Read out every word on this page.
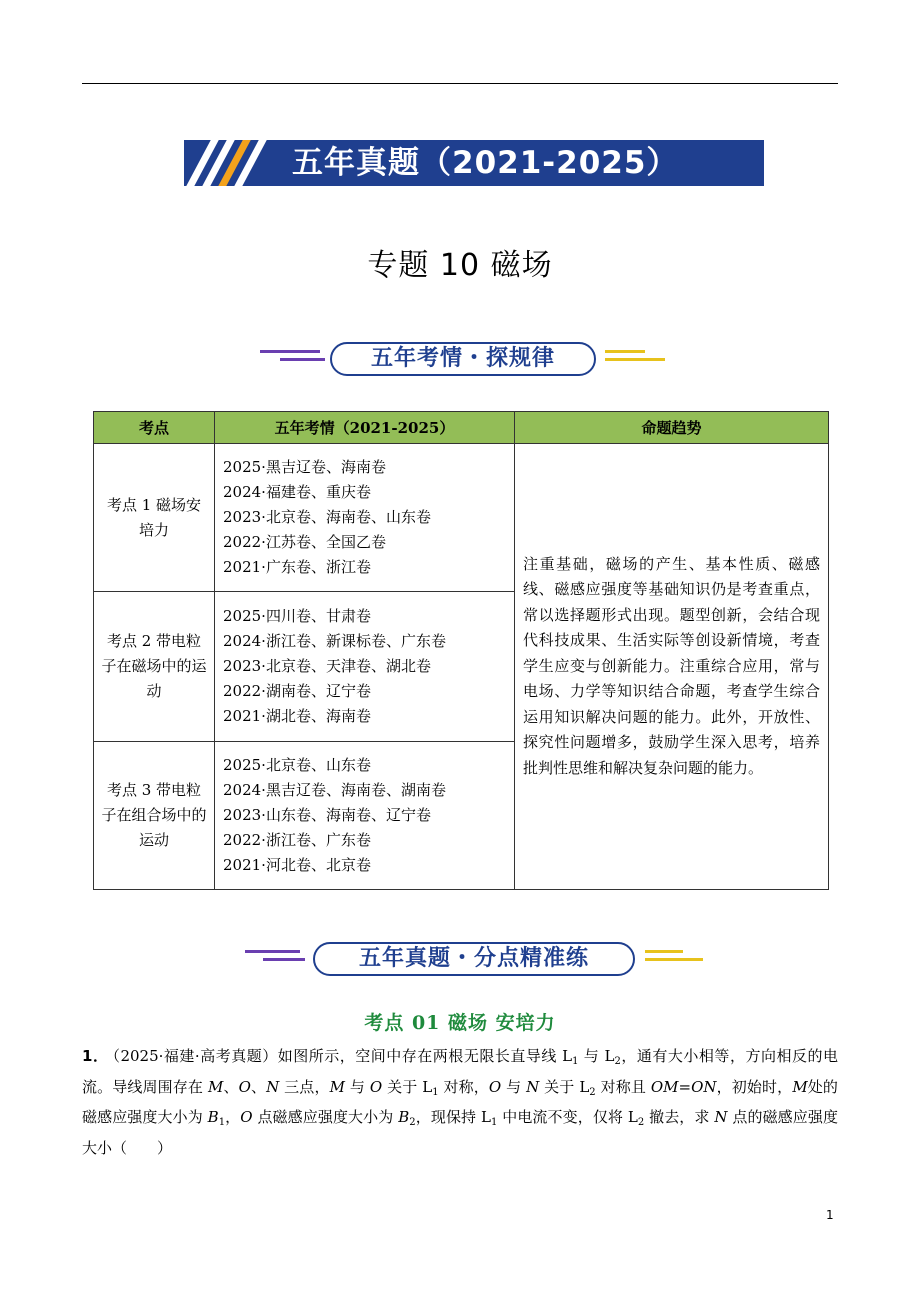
五年真题（2021-2025）
专题 10 磁场
五年考情・探规律
考点	五年考情（2021-2025）	命题趋势
考点 1 磁场安培力	2025·黑吉辽卷、海南卷
2024·福建卷、重庆卷
2023·北京卷、海南卷、山东卷
2022·江苏卷、全国乙卷
2021·广东卷、浙江卷	注重基础，磁场的产生、基本性质、磁感线、磁感应强度等基础知识仍是考查重点，常以选择题形式出现。题型创新，会结合现代科技成果、生活实际等创设新情境，考查学生应变与创新能力。注重综合应用，常与电场、力学等知识结合命题，考查学生综合运用知识解决问题的能力。此外，开放性、探究性问题增多，鼓励学生深入思考，培养批判性思维和解决复杂问题的能力。
考点 2 带电粒子在磁场中的运动	2025·四川卷、甘肃卷
2024·浙江卷、新课标卷、广东卷
2023·北京卷、天津卷、湖北卷
2022·湖南卷、辽宁卷
2021·湖北卷、海南卷	

考点 3 带电粒子在组合场中的运动	2025·北京卷、山东卷
2024·黑吉辽卷、海南卷、湖南卷
2023·山东卷、海南卷、辽宁卷
2022·浙江卷、广东卷
2021·河北卷、北京卷	
五年真题・分点精准练
考点 01 磁场 安培力
1． （2025·福建·高考真题）如图所示，空间中存在两根无限长直导线 $L_1$ 与 $L_2$，通有大小相等，方向相反的电流。导线周围存在 M、O、N 三点，M 与 O 关于 $L_1$ 对称，O 与 N 关于 $L_2$ 对称且 OM=ON，初始时，M处的磁感应强度大小为 $B_1$，O 点磁感应强度大小为 $B_2$，现保持 $L_1$ 中电流不变，仅将 $L_2$ 撤去，求 N 点的磁感应强度大小（　　）
1
